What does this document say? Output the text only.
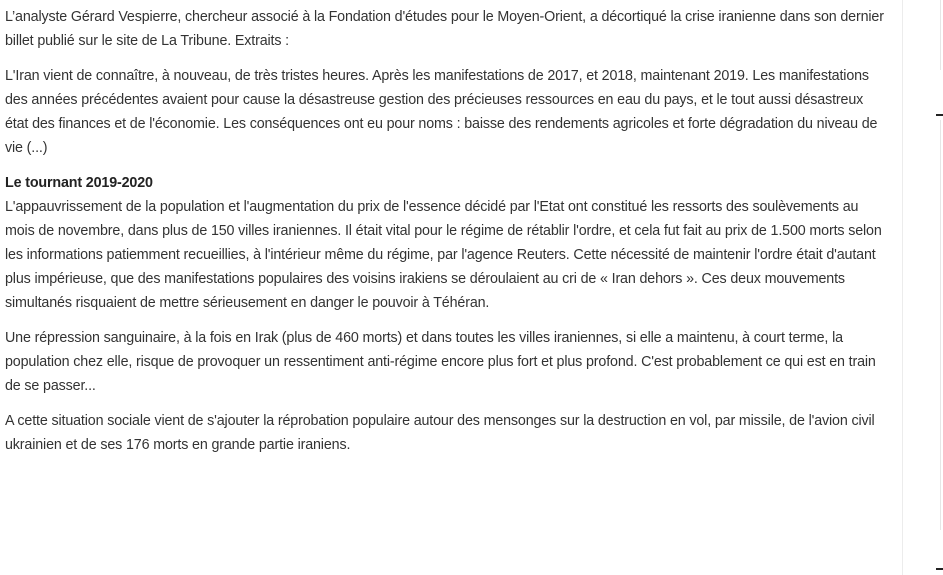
L’analyste Gérard Vespierre, chercheur associé à la Fondation d'études pour le Moyen-Orient, a décortiqué la crise iranienne dans son dernier billet publié sur le site de La Tribune. Extraits :

L'Iran vient de connaître, à nouveau, de très tristes heures. Après les manifestations de 2017, et 2018, maintenant 2019. Les manifestations des années précédentes avaient pour cause la désastreuse gestion des précieuses ressources en eau du pays, et le tout aussi désastreux état des finances et de l'économie. Les conséquences ont eu pour noms : baisse des rendements agricoles et forte dégradation du niveau de vie (...)

Le tournant 2019-2020

L'appauvrissement de la population et l'augmentation du prix de l'essence décidé par l'Etat ont constitué les ressorts des soulèvements au mois de novembre, dans plus de 150 villes iraniennes. Il était vital pour le régime de rétablir l'ordre, et cela fut fait au prix de 1.500 morts selon les informations patiemment recueillies, à l'intérieur même du régime, par l'agence Reuters. Cette nécessité de maintenir l'ordre était d'autant plus impérieuse, que des manifestations populaires des voisins irakiens se déroulaient au cri de « Iran dehors ». Ces deux mouvements simultanés risquaient de mettre sérieusement en danger le pouvoir à Téhéran.

Une répression sanguinaire, à la fois en Irak (plus de 460 morts) et dans toutes les villes iraniennes, si elle a maintenu, à court terme, la population chez elle, risque de provoquer un ressentiment anti-régime encore plus fort et plus profond. C'est probablement ce qui est en train de se passer...

A cette situation sociale vient de s'ajouter la réprobation populaire autour des mensonges sur la destruction en vol, par missile, de l'avion civil ukrainien et de ses 176 morts en grande partie iraniens.
